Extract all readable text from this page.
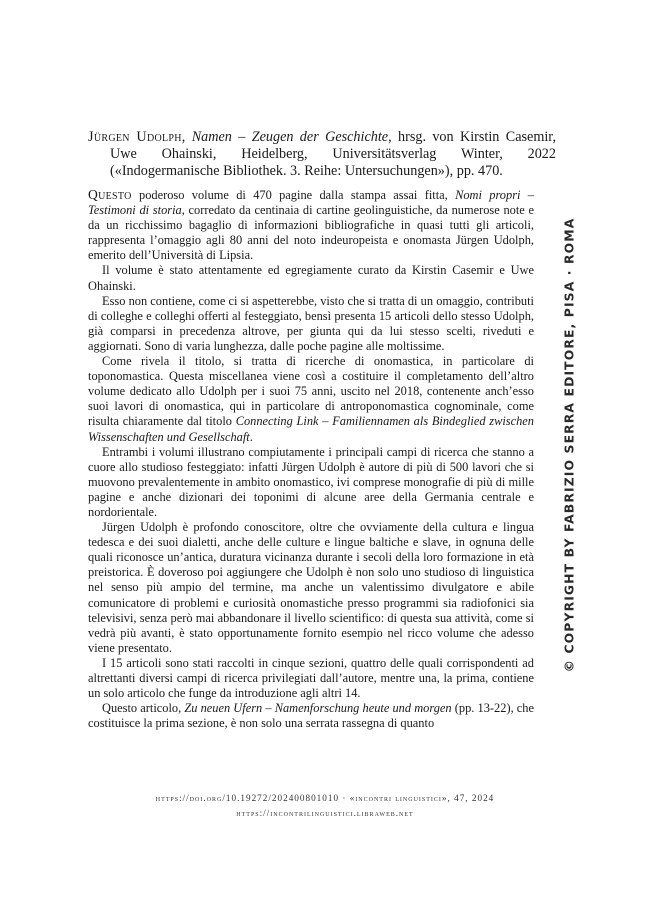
Jürgen Udolph, Namen – Zeugen der Geschichte, hrsg. von Kirstin Casemir, Uwe Ohainski, Heidelberg, Universitätsverlag Winter, 2022 («Indogermanische Bibliothek. 3. Reihe: Untersuchungen»), pp. 470.

Questo poderoso volume di 470 pagine dalla stampa assai fitta, Nomi propri – Testimoni di storia, corredato da centinaia di cartine geolinguistiche, da numerose note e da un ricchissimo bagaglio di informazioni bibliografiche in quasi tutti gli articoli, rappresenta l’omaggio agli 80 anni del noto indeuropeista e onomasta Jürgen Udolph, emerito dell’Università di Lipsia.

Il volume è stato attentamente ed egregiamente curato da Kirstin Casemir e Uwe Ohainski.

Esso non contiene, come ci si aspetterebbe, visto che si tratta di un omaggio, contributi di colleghe e colleghi offerti al festeggiato, bensì presenta 15 articoli dello stesso Udolph, già comparsi in precedenza altrove, per giunta qui da lui stesso scelti, riveduti e aggiornati. Sono di varia lunghezza, dalle poche pagine alle moltissime.

Come rivela il titolo, si tratta di ricerche di onomastica, in particolare di toponomastica. Questa miscellanea viene così a costituire il completamento dell’altro volume dedicato allo Udolph per i suoi 75 anni, uscito nel 2018, contenente anch’esso suoi lavori di onomastica, qui in particolare di antroponomastica cognominale, come risulta chiaramente dal titolo Connecting Link – Familiennamen als Bindeglied zwischen Wissenschaften und Gesellschaft.

Entrambi i volumi illustrano compiutamente i principali campi di ricerca che stanno a cuore allo studioso festeggiato: infatti Jürgen Udolph è autore di più di 500 lavori che si muovono prevalentemente in ambito onomastico, ivi comprese monografie di più di mille pagine e anche dizionari dei toponimi di alcune aree della Germania centrale e nordorientale.

Jürgen Udolph è profondo conoscitore, oltre che ovviamente della cultura e lingua tedesca e dei suoi dialetti, anche delle culture e lingue baltiche e slave, in ognuna delle quali riconosce un’antica, duratura vicinanza durante i secoli della loro formazione in età preistorica. È doveroso poi aggiungere che Udolph è non solo uno studioso di linguistica nel senso più ampio del termine, ma anche un valentissimo divulgatore e abile comunicatore di problemi e curiosità onomastiche presso programmi sia radiofonici sia televisivi, senza però mai abbandonare il livello scientifico: di questa sua attività, come si vedrà più avanti, è stato opportunamente fornito esempio nel ricco volume che adesso viene presentato.

I 15 articoli sono stati raccolti in cinque sezioni, quattro delle quali corrispondenti ad altrettanti diversi campi di ricerca privilegiati dall’autore, mentre una, la prima, contiene un solo articolo che funge da introduzione agli altri 14.

Questo articolo, Zu neuen Ufern – Namenforschung heute und morgen (pp. 13-22), che costituisce la prima sezione, è non solo una serrata rassegna di quanto

https://doi.org/10.19272/202400801010 · «incontri linguistici», 47, 2024
https://incontrilinguistici.libraweb.net
© COPYRIGHT BY FABRIZIO SERRA EDITORE, PISA · ROMA
